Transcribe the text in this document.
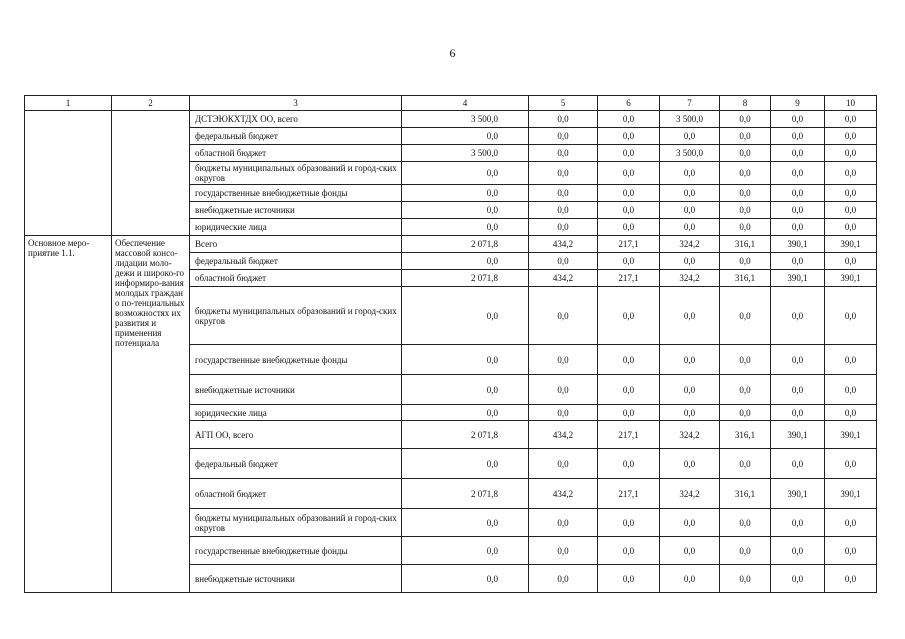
6
1	2	3	4	5	6	7	8	9	10
		ДСТЭЮКХТДХ ОО, всего	3 500,0	0,0	0,0	3 500,0	0,0	0,0	0,0
		федеральный бюджет	0,0	0,0	0,0	0,0	0,0	0,0	0,0
		областной бюджет	3 500,0	0,0	0,0	3 500,0	0,0	0,0	0,0
		бюджеты муниципальных образований и город-ских округов	0,0	0,0	0,0	0,0	0,0	0,0	0,0
		государственные внебюджетные фонды	0,0	0,0	0,0	0,0	0,0	0,0	0,0
		внебюджетные источники	0,0	0,0	0,0	0,0	0,0	0,0	0,0
		юридические лица	0,0	0,0	0,0	0,0	0,0	0,0	0,0
Основное меро-приятие 1.1.	Обеспечение массовой консо-лидации моло-дежи и широко-го информиро-вания молодых граждан о по-тенциальных возможностях их развития и применения потенциала	Всего	2 071,8	434,2	217,1	324,2	316,1	390,1	390,1
		федеральный бюджет	0,0	0,0	0,0	0,0	0,0	0,0	0,0
		областной бюджет	2 071,8	434,2	217,1	324,2	316,1	390,1	390,1
		бюджеты муниципальных образований и город-ских округов	0,0	0,0	0,0	0,0	0,0	0,0	0,0
		государственные внебюджетные фонды	0,0	0,0	0,0	0,0	0,0	0,0	0,0
		внебюджетные источники	0,0	0,0	0,0	0,0	0,0	0,0	0,0
		юридические лица	0,0	0,0	0,0	0,0	0,0	0,0	0,0
		АГП ОО, всего	2 071,8	434,2	217,1	324,2	316,1	390,1	390,1
		федеральный бюджет	0,0	0,0	0,0	0,0	0,0	0,0	0,0
		областной бюджет	2 071,8	434,2	217,1	324,2	316,1	390,1	390,1
		бюджеты муниципальных образований и город-ских округов	0,0	0,0	0,0	0,0	0,0	0,0	0,0
		государственные внебюджетные фонды	0,0	0,0	0,0	0,0	0,0	0,0	0,0
		внебюджетные источники	0,0	0,0	0,0	0,0	0,0	0,0	0,0
